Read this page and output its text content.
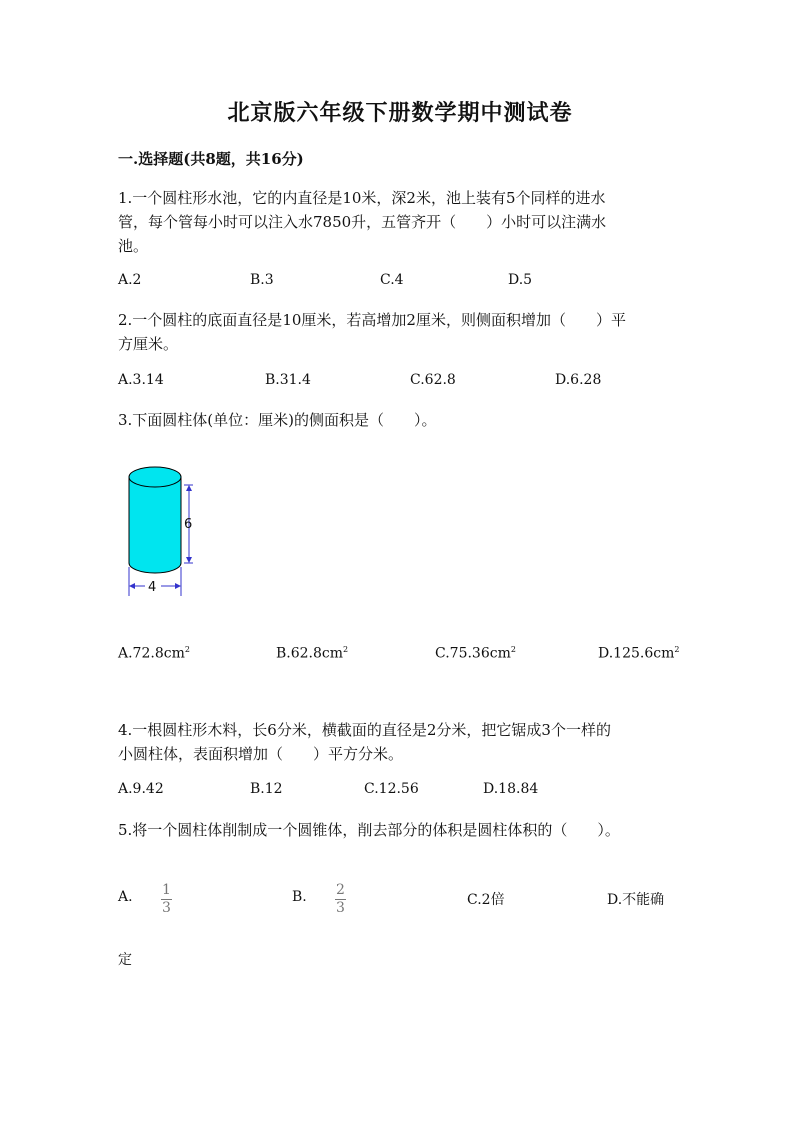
北京版六年级下册数学期中测试卷
一.选择题(共8题，共16分)
1.一个圆柱形水池，它的内直径是10米，深2米，池上装有5个同样的进水
管，每个管每小时可以注入水7850升，五管齐开（　　）小时可以注满水
池。
A.2	B.3	C.4	D.5
2.一个圆柱的底面直径是10厘米，若高增加2厘米，则侧面积增加（　　）平
方厘米。
A.3.14	B.31.4	C.62.8	D.6.28
3.下面圆柱体(单位：厘米)的侧面积是（　　）。
6
4
$A.72.8cm^2$	$B.62.8cm^2$	$C.75.36cm^2$	$D.125.6cm^2$
4.一根圆柱形木料，长6分米，横截面的直径是2分米，把它锯成3个一样的
小圆柱体，表面积增加（　　）平方分米。
A.9.42	B.12	C.12.56	D.18.84
5.将一个圆柱体削制成一个圆锥体，削去部分的体积是圆柱体积的（　　）。
A. $\frac{1}{3}$	B. $\frac{2}{3}$	C.2倍	D.不能确
定
